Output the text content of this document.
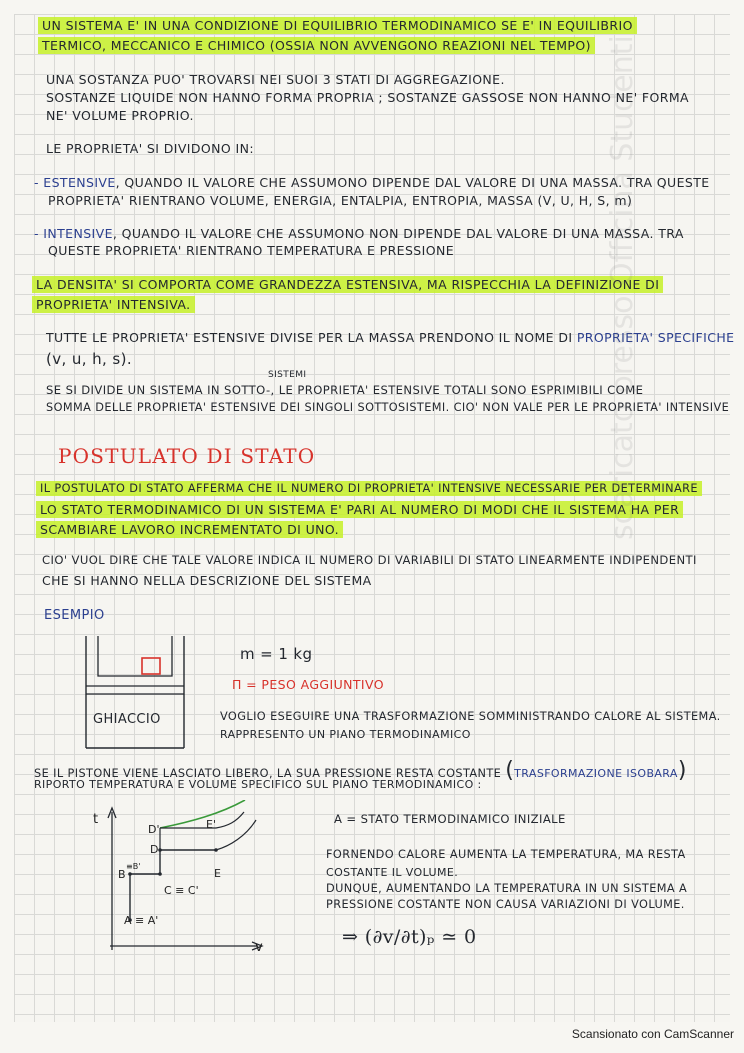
UN SISTEMA E' IN UNA CONDIZIONE DI EQUILIBRIO TERMODINAMICO SE E' IN EQUILIBRIO
TERMICO, MECCANICO E CHIMICO (OSSIA NON AVVENGONO REAZIONI NEL TEMPO)
UNA SOSTANZA PUO' TROVARSI NEI SUOI 3 STATI DI AGGREGAZIONE.
SOSTANZE LIQUIDE NON HANNO FORMA PROPRIA ; SOSTANZE GASSOSE NON HANNO NE' FORMA
NE' VOLUME PROPRIO.
LE PROPRIETA' SI DIVIDONO IN:
- ESTENSIVE, QUANDO IL VALORE CHE ASSUMONO DIPENDE DAL VALORE DI UNA MASSA. TRA QUESTE
PROPRIETA' RIENTRANO VOLUME, ENERGIA, ENTALPIA, ENTROPIA, MASSA (V, U, H, S, m)
- INTENSIVE, QUANDO IL VALORE CHE ASSUMONO NON DIPENDE DAL VALORE DI UNA MASSA. TRA
QUESTE PROPRIETA' RIENTRANO TEMPERATURA E PRESSIONE
LA DENSITA' SI COMPORTA COME GRANDEZZA ESTENSIVA, MA RISPECCHIA LA DEFINIZIONE DI
PROPRIETA' INTENSIVA.
TUTTE LE PROPRIETA' ESTENSIVE DIVISE PER LA MASSA PRENDONO IL NOME DI PROPRIETA' SPECIFICHE
(v, u, h, s).
SISTEMI
SE SI DIVIDE UN SISTEMA IN SOTTO-, LE PROPRIETA' ESTENSIVE TOTALI SONO ESPRIMIBILI COME
SOMMA DELLE PROPRIETA' ESTENSIVE DEI SINGOLI SOTTOSISTEMI. CIO' NON VALE PER LE PROPRIETA' INTENSIVE
POSTULATO DI STATO
IL POSTULATO DI STATO AFFERMA CHE IL NUMERO DI PROPRIETA' INTENSIVE NECESSARIE PER DETERMINARE
LO STATO TERMODINAMICO DI UN SISTEMA E' PARI AL NUMERO DI MODI CHE IL SISTEMA HA PER
SCAMBIARE LAVORO INCREMENTATO DI UNO.
CIO' VUOL DIRE CHE TALE VALORE INDICA IL NUMERO DI VARIABILI DI STATO LINEARMENTE INDIPENDENTI
CHE SI HANNO NELLA DESCRIZIONE DEL SISTEMA
ESEMPIO
GHIACCIO
m = 1 kg
Π = PESO AGGIUNTIVO
VOGLIO ESEGUIRE UNA TRASFORMAZIONE SOMMINISTRANDO CALORE AL SISTEMA.
RAPPRESENTO UN PIANO TERMODINAMICO
SE IL PISTONE VIENE LASCIATO LIBERO, LA SUA PRESSIONE RESTA COSTANTE (TRASFORMAZIONE ISOBARA)
RIPORTO TEMPERATURA E VOLUME SPECIFICO SUL PIANO TERMODINAMICO :
t
v
D'
D
B
≡B'
C ≡ C'
E
E'
A ≡ A'
A = STATO TERMODINAMICO INIZIALE
FORNENDO CALORE AUMENTA LA TEMPERATURA, MA RESTA
COSTANTE IL VOLUME.
DUNQUE, AUMENTANDO LA TEMPERATURA IN UN SISTEMA A
PRESSIONE COSTANTE NON CAUSA VARIAZIONI DI VOLUME.
⇒ (∂v/∂t)ₚ ≃ 0
scaricato presso Officina Studenti
Scansionato con CamScanner
